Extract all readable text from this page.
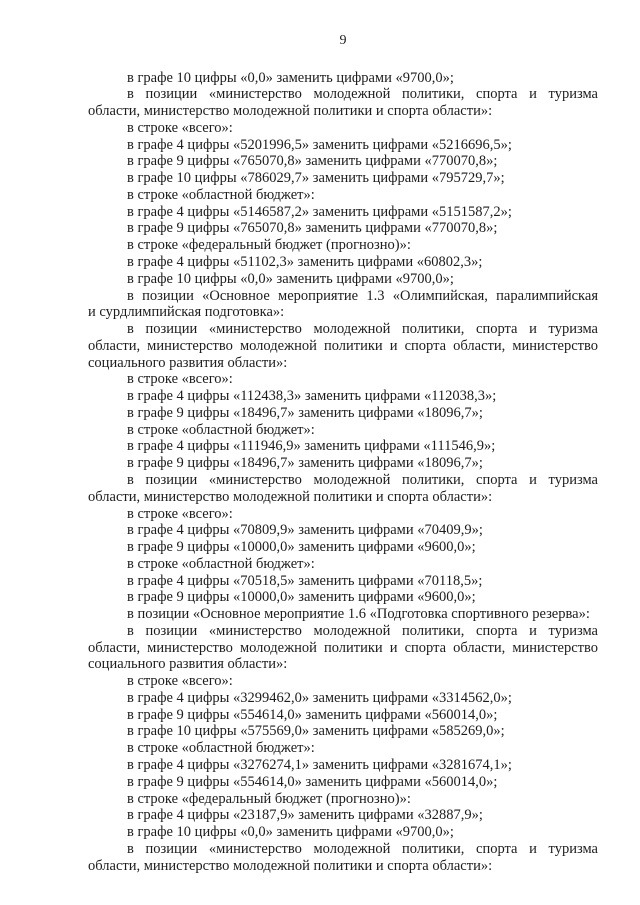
9
в графе 10 цифры «0,0» заменить цифрами «9700,0»;
в позиции «министерство молодежной политики, спорта и туризма
области, министерство молодежной политики и спорта области»:
в строке «всего»:
в графе 4 цифры «5201996,5» заменить цифрами «5216696,5»;
в графе 9 цифры «765070,8» заменить цифрами «770070,8»;
в графе 10 цифры «786029,7» заменить цифрами «795729,7»;
в строке «областной бюджет»:
в графе 4 цифры «5146587,2» заменить цифрами «5151587,2»;
в графе 9 цифры «765070,8» заменить цифрами «770070,8»;
в строке «федеральный бюджет (прогнозно)»:
в графе 4 цифры «51102,3» заменить цифрами «60802,3»;
в графе 10 цифры «0,0» заменить цифрами «9700,0»;
в позиции «Основное мероприятие 1.3 «Олимпийская, паралимпийская
и сурдлимпийская подготовка»:
в позиции «министерство молодежной политики, спорта и туризма
области, министерство молодежной политики и спорта области, министерство
социального развития области»:
в строке «всего»:
в графе 4 цифры «112438,3» заменить цифрами «112038,3»;
в графе 9 цифры «18496,7» заменить цифрами «18096,7»;
в строке «областной бюджет»:
в графе 4 цифры «111946,9» заменить цифрами «111546,9»;
в графе 9 цифры «18496,7» заменить цифрами «18096,7»;
в позиции «министерство молодежной политики, спорта и туризма
области, министерство молодежной политики и спорта области»:
в строке «всего»:
в графе 4 цифры «70809,9» заменить цифрами «70409,9»;
в графе 9 цифры «10000,0» заменить цифрами «9600,0»;
в строке «областной бюджет»:
в графе 4 цифры «70518,5» заменить цифрами «70118,5»;
в графе 9 цифры «10000,0» заменить цифрами «9600,0»;
в позиции «Основное мероприятие 1.6 «Подготовка спортивного резерва»:
в позиции «министерство молодежной политики, спорта и туризма
области, министерство молодежной политики и спорта области, министерство
социального развития области»:
в строке «всего»:
в графе 4 цифры «3299462,0» заменить цифрами «3314562,0»;
в графе 9 цифры «554614,0» заменить цифрами «560014,0»;
в графе 10 цифры «575569,0» заменить цифрами «585269,0»;
в строке «областной бюджет»:
в графе 4 цифры «3276274,1» заменить цифрами «3281674,1»;
в графе 9 цифры «554614,0» заменить цифрами «560014,0»;
в строке «федеральный бюджет (прогнозно)»:
в графе 4 цифры «23187,9» заменить цифрами «32887,9»;
в графе 10 цифры «0,0» заменить цифрами «9700,0»;
в позиции «министерство молодежной политики, спорта и туризма
области, министерство молодежной политики и спорта области»:
